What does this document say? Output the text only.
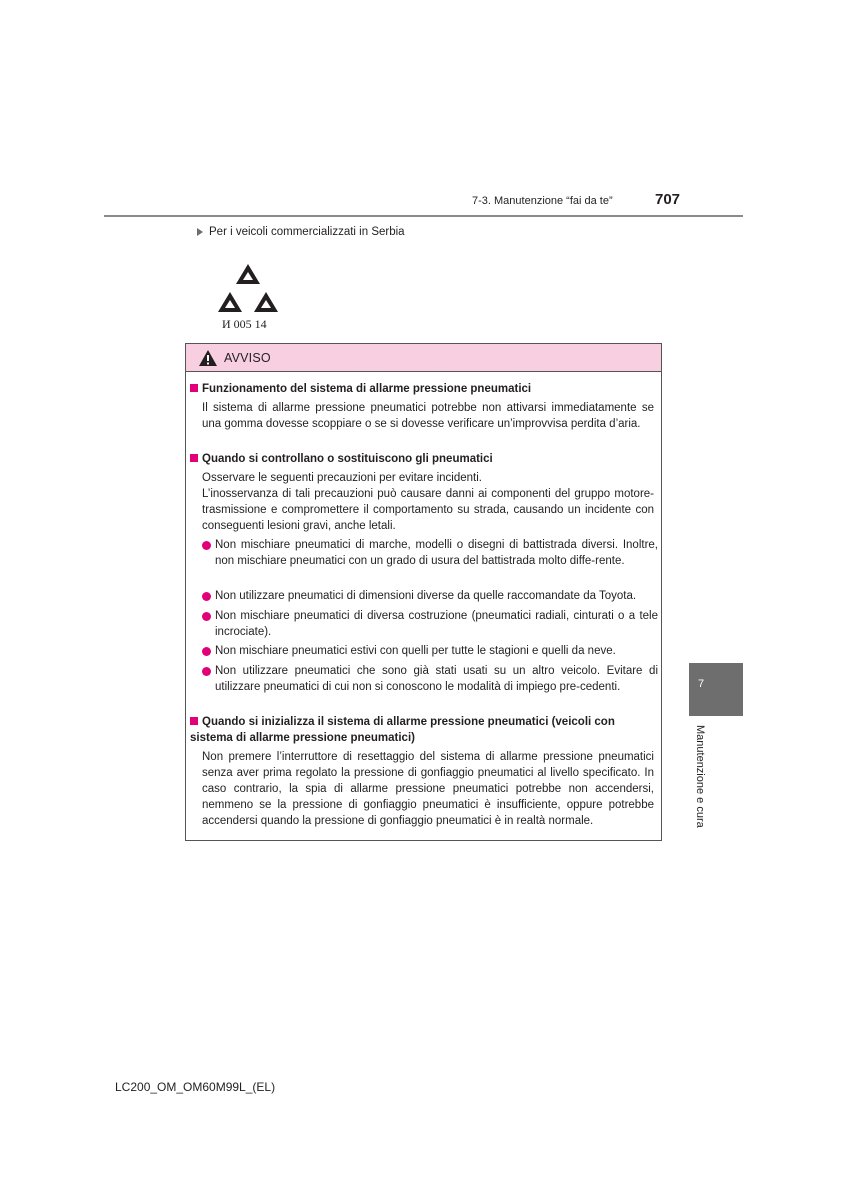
7-3. Manutenzione “fai da te”	707
Per i veicoli commercializzati in Serbia
И 005 14
AVVISO
Funzionamento del sistema di allarme pressione pneumatici
Il sistema di allarme pressione pneumatici potrebbe non attivarsi immediatamente se una gomma dovesse scoppiare o se si dovesse verificare un’improvvisa perdita d’aria.
Quando si controllano o sostituiscono gli pneumatici
Osservare le seguenti precauzioni per evitare incidenti.
L’inosservanza di tali precauzioni può causare danni ai componenti del gruppo motore-trasmissione e compromettere il comportamento su strada, causando un incidente con conseguenti lesioni gravi, anche letali.
Non mischiare pneumatici di marche, modelli o disegni di battistrada diversi. Inoltre, non mischiare pneumatici con un grado di usura del battistrada molto diffe-rente.
Non utilizzare pneumatici di dimensioni diverse da quelle raccomandate da Toyota.
Non mischiare pneumatici di diversa costruzione (pneumatici radiali, cinturati o a tele incrociate).
Non mischiare pneumatici estivi con quelli per tutte le stagioni e quelli da neve.
Non utilizzare pneumatici che sono già stati usati su un altro veicolo. Evitare di utilizzare pneumatici di cui non si conoscono le modalità di impiego pre-cedenti.
Quando si inizializza il sistema di allarme pressione pneumatici (veicoli con sistema di allarme pressione pneumatici)
Non premere l’interruttore di resettaggio del sistema di allarme pressione pneumatici senza aver prima regolato la pressione di gonfiaggio pneumatici al livello specificato. In caso contrario, la spia di allarme pressione pneumatici potrebbe non accendersi, nemmeno se la pressione di gonfiaggio pneumatici è insufficiente, oppure potrebbe accendersi quando la pressione di gonfiaggio pneumatici è in realtà normale.
7
Manutenzione e cura
LC200_OM_OM60M99L_(EL)
